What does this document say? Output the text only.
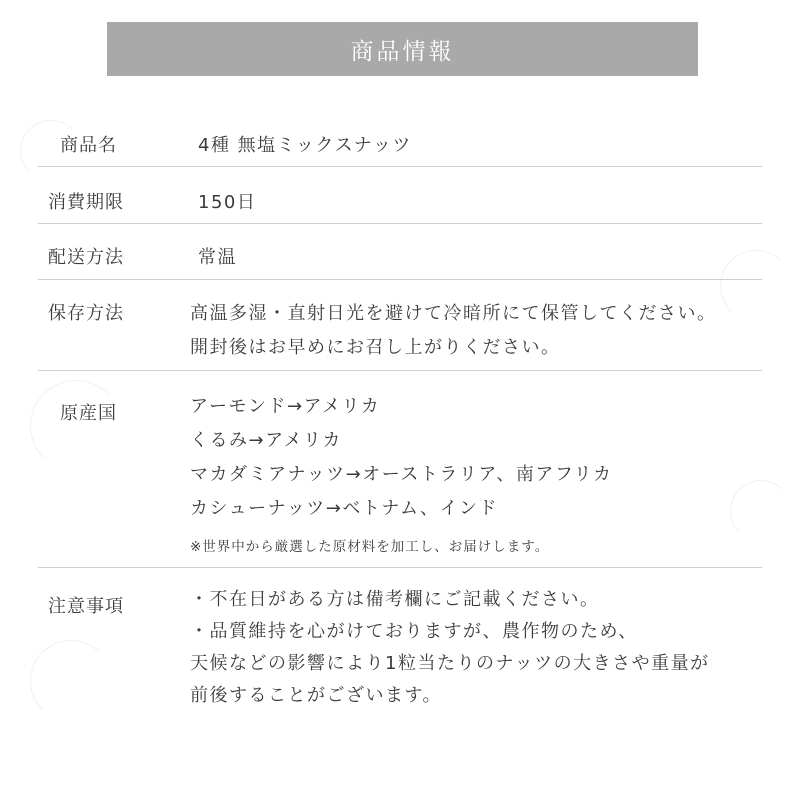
商品情報
商品名	4種 無塩ミックスナッツ
消費期限	150日
配送方法	常温
保存方法	高温多湿・直射日光を避けて冷暗所にて保管してください。
開封後はお早めにお召し上がりください。
原産国	アーモンド→アメリカ
くるみ→アメリカ
マカダミアナッツ→オーストラリア、南アフリカ
カシューナッツ→ベトナム、インド
※世界中から厳選した原材料を加工し、お届けします。
注意事項	・不在日がある方は備考欄にご記載ください。
・品質維持を心がけておりますが、農作物のため、
天候などの影響により1粒当たりのナッツの大きさや重量が
前後することがございます。
